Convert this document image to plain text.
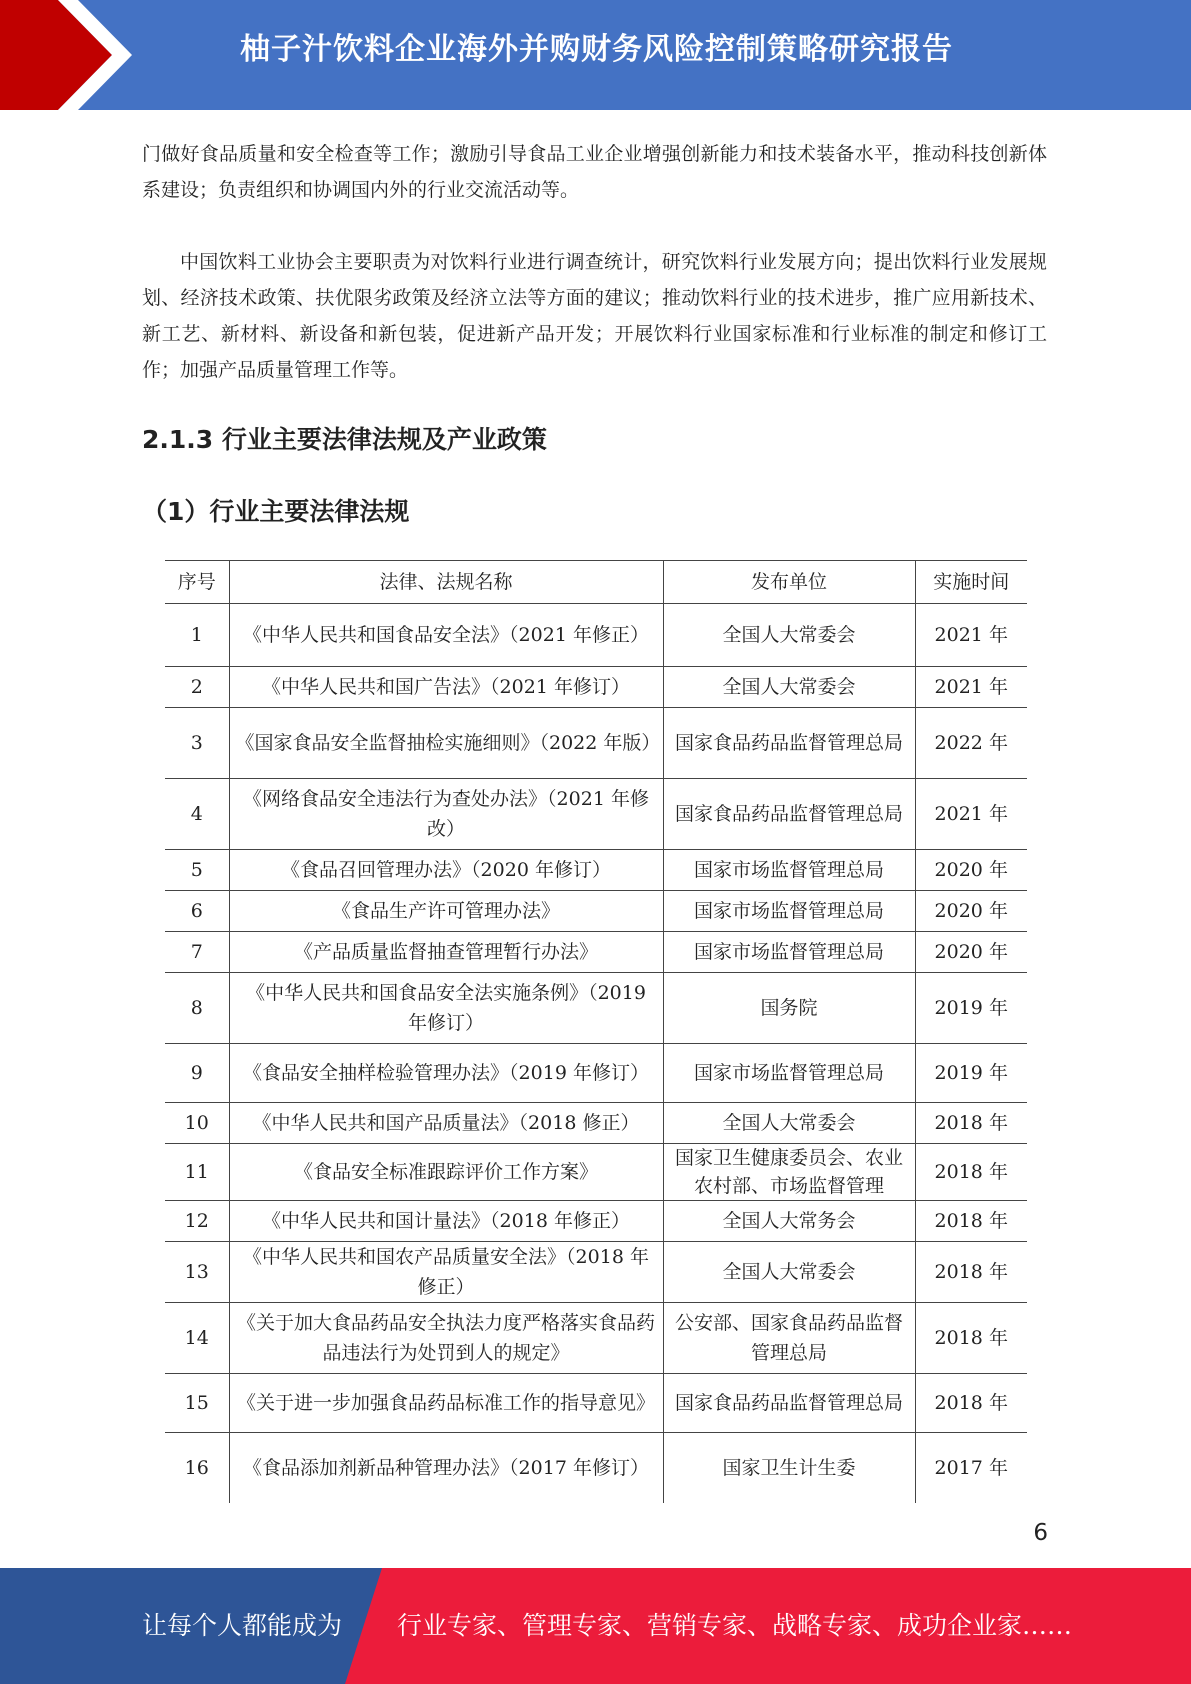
柚子汁饮料企业海外并购财务风险控制策略研究报告

门做好食品质量和安全检查等工作；激励引导食品工业企业增强创新能力和技术装备水平，推动科技创新体系建设；负责组织和协调国内外的行业交流活动等。

中国饮料工业协会主要职责为对饮料行业进行调查统计，研究饮料行业发展方向；提出饮料行业发展规划、经济技术政策、扶优限劣政策及经济立法等方面的建议；推动饮料行业的技术进步，推广应用新技术、新工艺、新材料、新设备和新包装，促进新产品开发；开展饮料行业国家标准和行业标准的制定和修订工作；加强产品质量管理工作等。

2.1.3 行业主要法律法规及产业政策
（1）行业主要法律法规
序号	法律、法规名称	发布单位	实施时间
1	《中华人民共和国食品安全法》（2021 年修正）	全国人大常委会	2021 年
2	《中华人民共和国广告法》（2021 年修订）	全国人大常委会	2021 年
3	《国家食品安全监督抽检实施细则》（2022 年版）	国家食品药品监督管理总局	2022 年
4	《网络食品安全违法行为查处办法》（2021 年修改）	国家食品药品监督管理总局	2021 年
5	《食品召回管理办法》（2020 年修订）	国家市场监督管理总局	2020 年
6	《食品生产许可管理办法》	国家市场监督管理总局	2020 年
7	《产品质量监督抽查管理暂行办法》	国家市场监督管理总局	2020 年
8	《中华人民共和国食品安全法实施条例》（2019 年修订）	国务院	2019 年
9	《食品安全抽样检验管理办法》（2019 年修订）	国家市场监督管理总局	2019 年
10	《中华人民共和国产品质量法》（2018 修正）	全国人大常委会	2018 年
11	《食品安全标准跟踪评价工作方案》	国家卫生健康委员会、农业农村部、市场监督管理	2018 年
12	《中华人民共和国计量法》（2018 年修正）	全国人大常务会	2018 年
13	《中华人民共和国农产品质量安全法》（2018 年修正）	全国人大常委会	2018 年
14	《关于加大食品药品安全执法力度严格落实食品药品违法行为处罚到人的规定》	公安部、国家食品药品监督管理总局	2018 年
15	《关于进一步加强食品药品标准工作的指导意见》	国家食品药品监督管理总局	2018 年
16	《食品添加剂新品种管理办法》（2017 年修订）	国家卫生计生委	2017 年
6
让每个人都能成为 行业专家、管理专家、营销专家、战略专家、成功企业家……
